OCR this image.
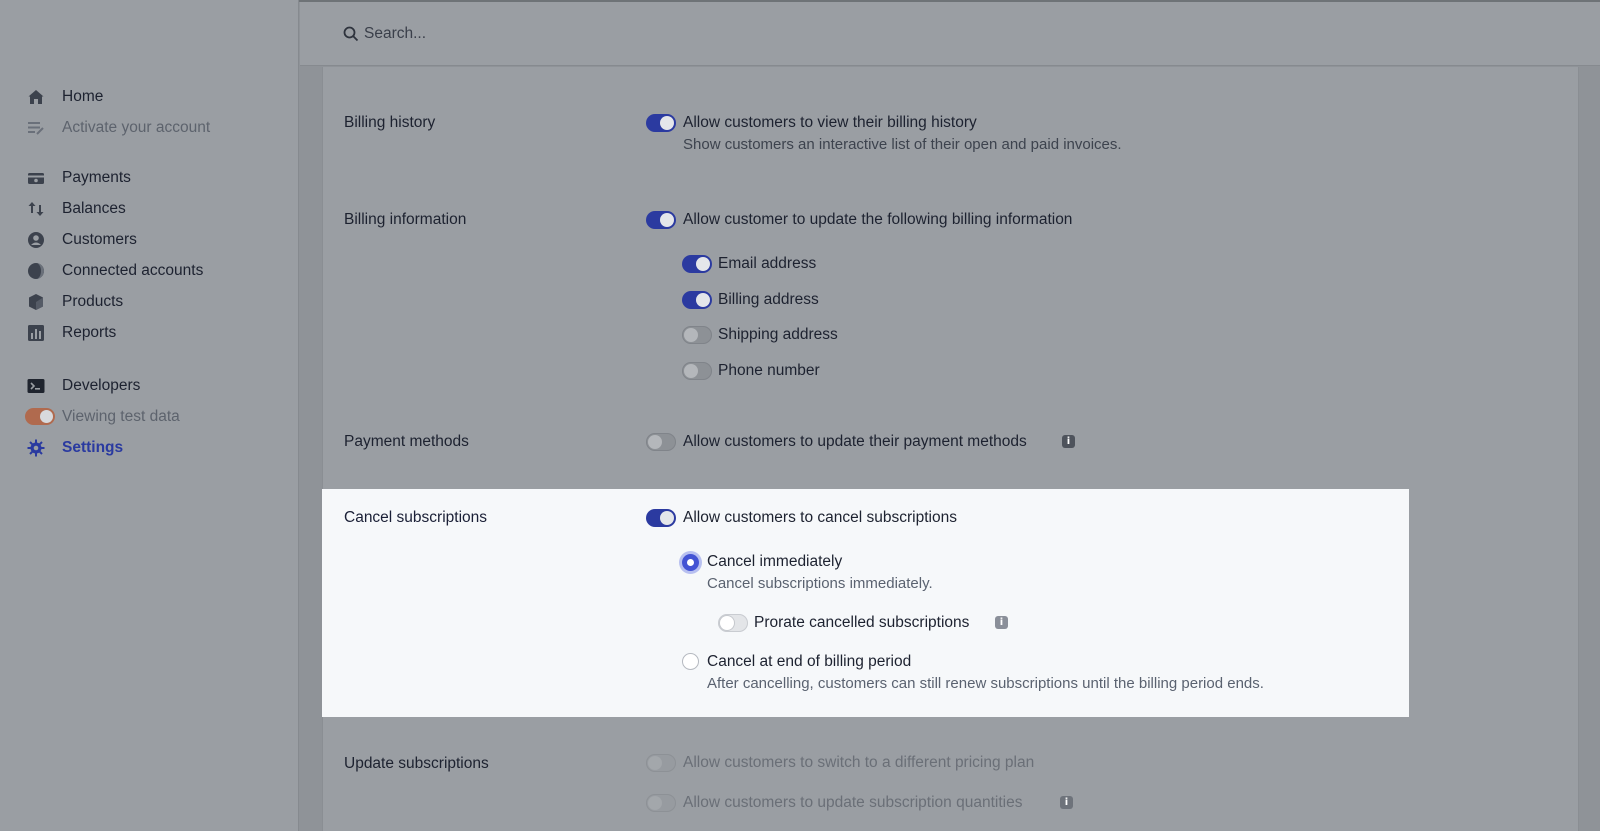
Home
Activate your account
Payments
Balances
Customers
Connected accounts
Products
Reports
Developers
Viewing test data
Settings
Search...
Billing history	Allow customers to view their billing history
Show customers an interactive list of their open and paid invoices.
Billing information	Allow customer to update the following billing information
Email address
Billing address
Shipping address
Phone number
Payment methods	Allow customers to update their payment methods	i
Cancel subscriptions	Allow customers to cancel subscriptions
Cancel immediately
Cancel subscriptions immediately.
Prorate cancelled subscriptions	i
Cancel at end of billing period
After cancelling, customers can still renew subscriptions until the billing period ends.
Update subscriptions	Allow customers to switch to a different pricing plan
Allow customers to update subscription quantities	i
